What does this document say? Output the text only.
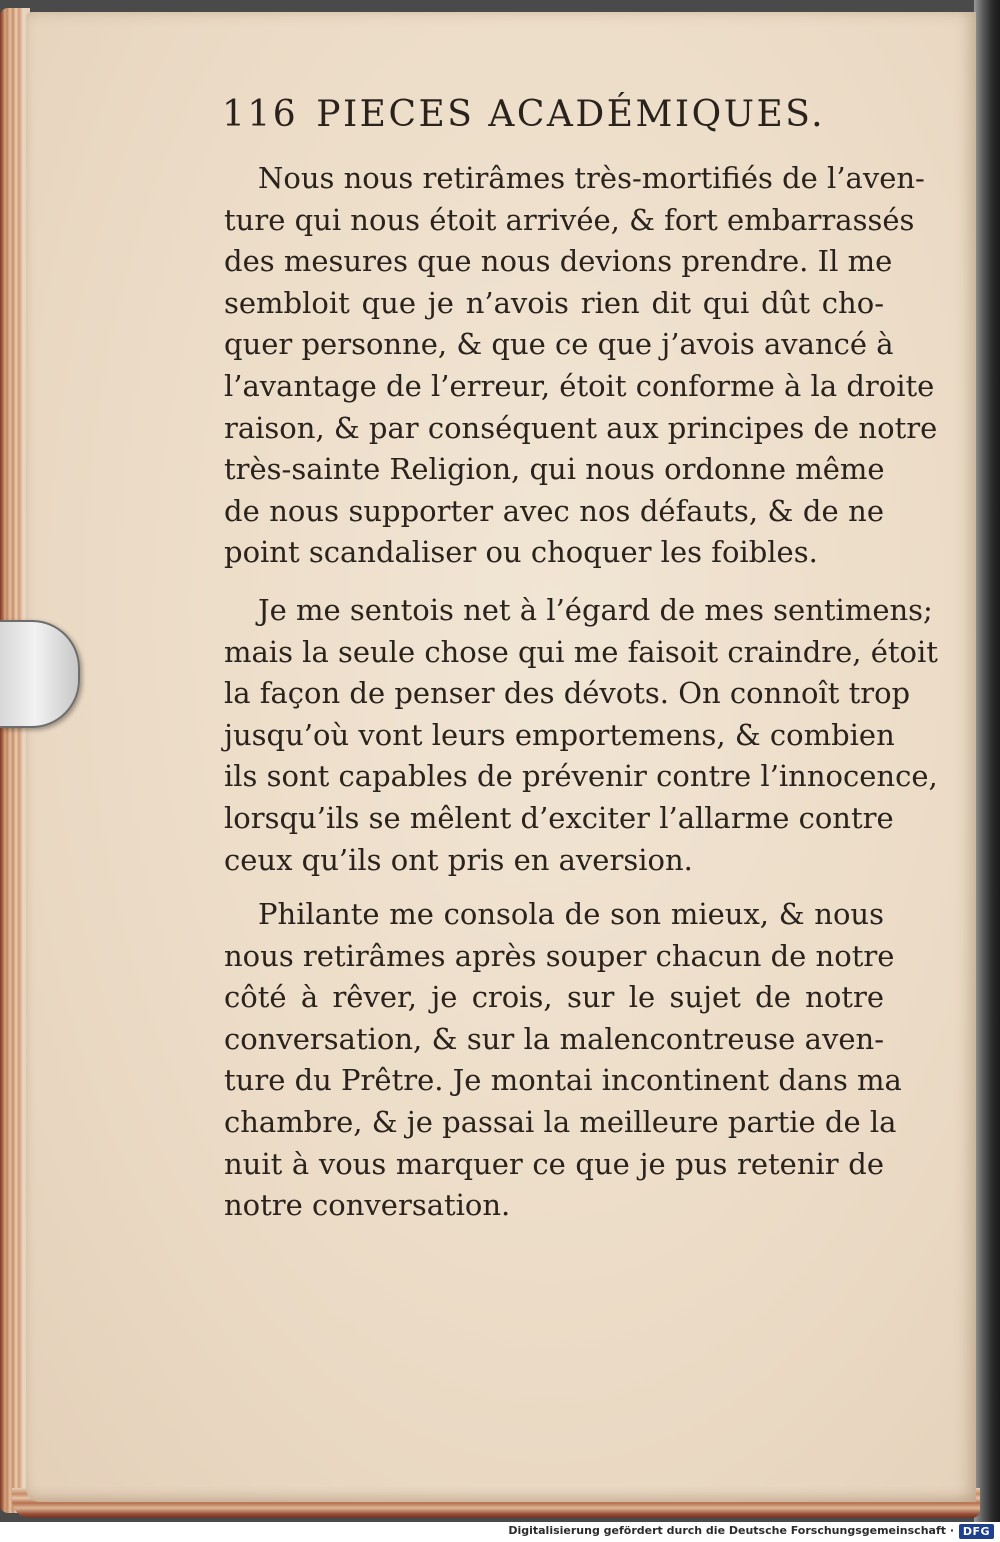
116 PIECES ACADÉMIQUES.
Nous nous retirâmes très-mortifiés de l’aven-
ture qui nous étoit arrivée, & fort embarrassés
des mesures que nous devions prendre. Il me
sembloit que je n’avois rien dit qui dût cho-
quer personne, & que ce que j’avois avancé à
l’avantage de l’erreur, étoit conforme à la droite
raison, & par conséquent aux principes de notre
très-sainte Religion, qui nous ordonne même
de nous supporter avec nos défauts, & de ne
point scandaliser ou choquer les foibles.
Je me sentois net à l’égard de mes sentimens;
mais la seule chose qui me faisoit craindre, étoit
la façon de penser des dévots. On connoît trop
jusqu’où vont leurs emportemens, & combien
ils sont capables de prévenir contre l’innocence,
lorsqu’ils se mêlent d’exciter l’allarme contre
ceux qu’ils ont pris en aversion.
Philante me consola de son mieux, & nous
nous retirâmes après souper chacun de notre
côté à rêver, je crois, sur le sujet de notre
conversation, & sur la malencontreuse aven-
ture du Prêtre. Je montai incontinent dans ma
chambre, & je passai la meilleure partie de la
nuit à vous marquer ce que je pus retenir de
notre conversation.
Digitalisierung gefördert durch die Deutsche Forschungsgemeinschaft · DFG
